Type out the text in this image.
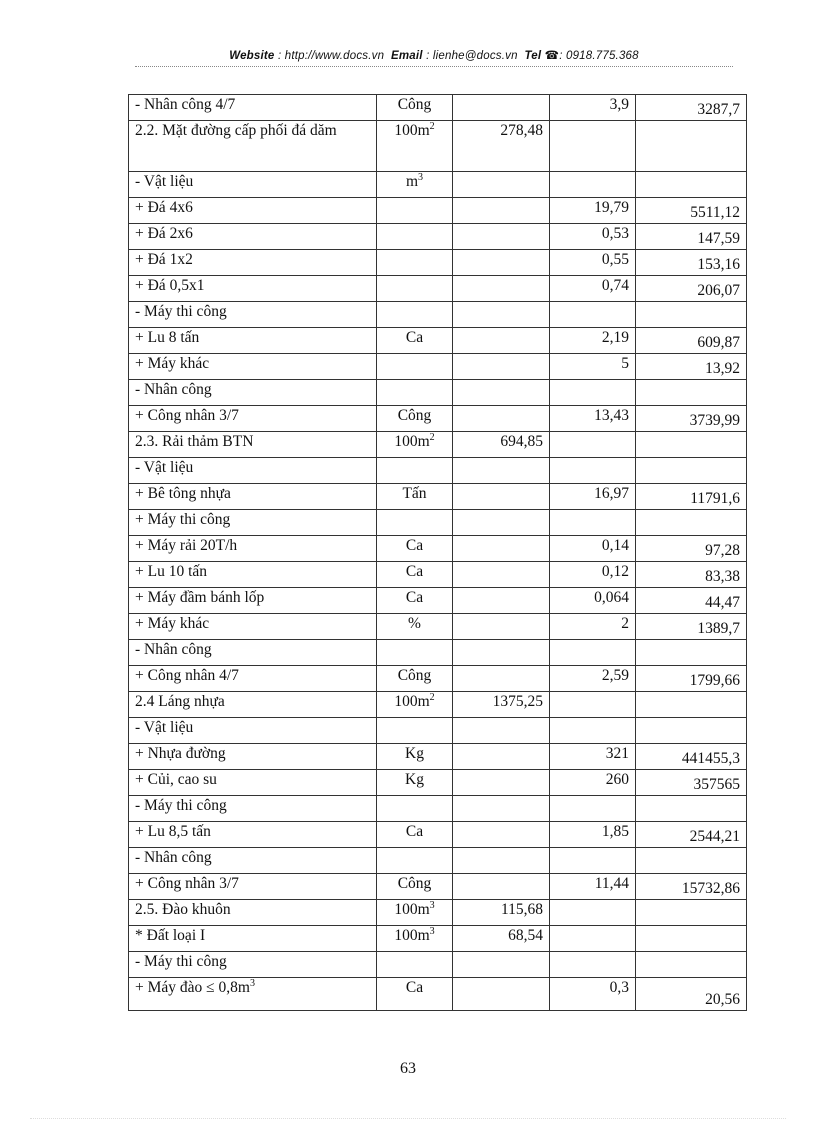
Website : http://www.docs.vn Email : lienhe@docs.vn Tel ☎: 0918.775.368
- Nhân công 4/7	Công		3,9	3287,7
2.2. Mặt đường cấp phối đá dăm	$100m^2$	278,48		
- Vật liệu	$m^3$			
+ Đá 4x6			19,79	5511,12
+ Đá 2x6			0,53	147,59
+ Đá 1x2			0,55	153,16
+ Đá 0,5x1			0,74	206,07
- Máy thi công				
+ Lu 8 tấn	Ca		2,19	609,87
+ Máy khác			5	13,92
- Nhân công				
+ Công nhân 3/7	Công		13,43	3739,99
2.3. Rải thảm BTN	$100m^2$	694,85		
- Vật liệu				
+ Bê tông nhựa	Tấn		16,97	11791,6
+ Máy thi công				
+ Máy rải 20T/h	Ca		0,14	97,28
+ Lu 10 tấn	Ca		0,12	83,38
+ Máy đầm bánh lốp	Ca		0,064	44,47
+ Máy khác	%		2	1389,7
- Nhân công				
+ Công nhân 4/7	Công		2,59	1799,66
2.4 Láng nhựa	$100m^2$	1375,25		
- Vật liệu				
+ Nhựa đường	Kg		321	441455,3
+ Củi, cao su	Kg		260	357565
- Máy thi công				
+ Lu 8,5 tấn	Ca		1,85	2544,21
- Nhân công				
+ Công nhân 3/7	Công		11,44	15732,86
2.5. Đào khuôn	$100m^3$	115,68		
* Đất loại I	$100m^3$	68,54		
- Máy thi công				
+ Máy đào ≤ $0,8m^3$	Ca		0,3	20,56
63
